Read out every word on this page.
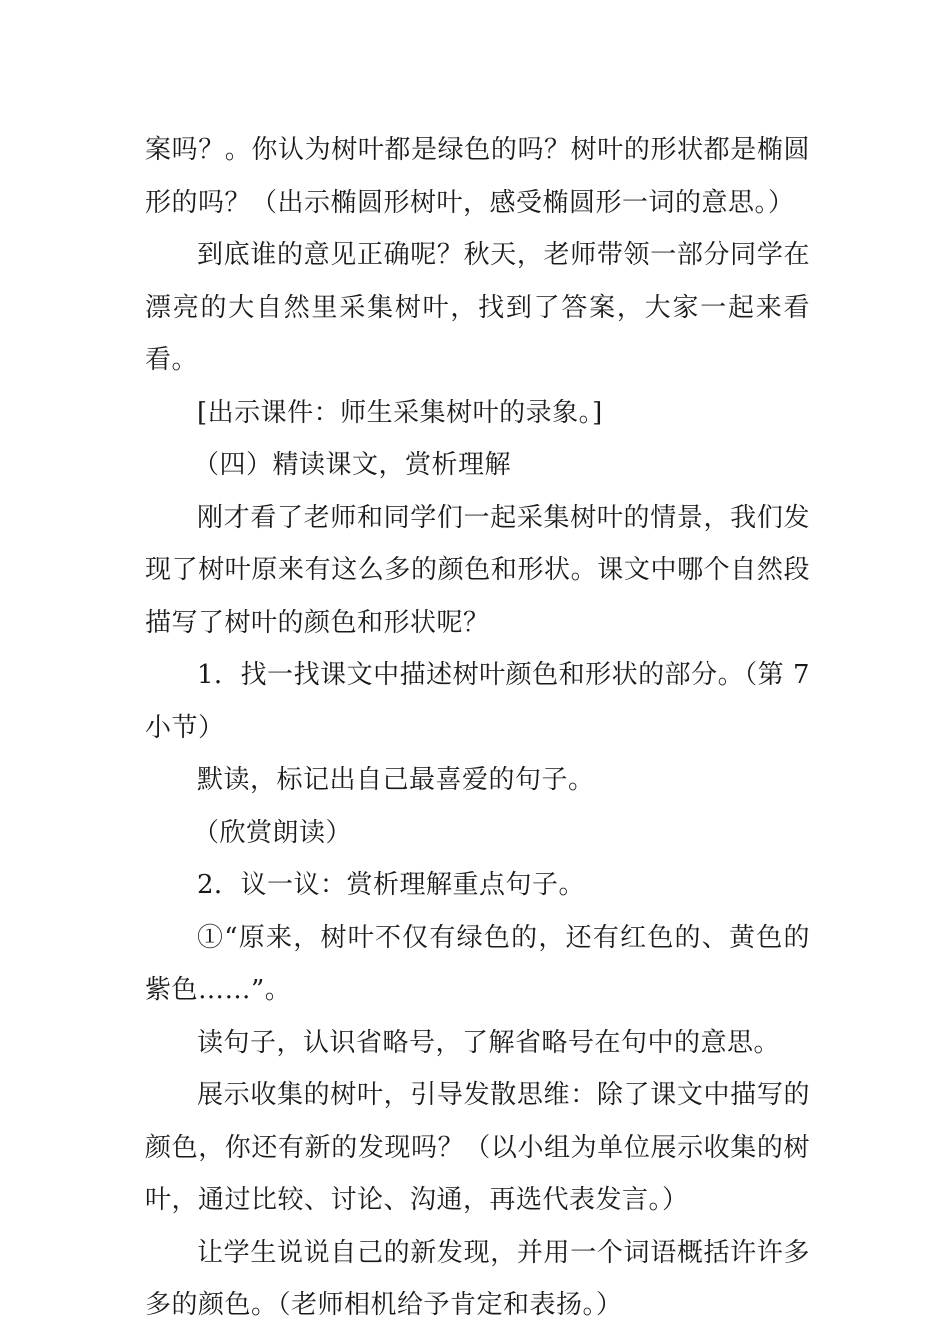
案吗？。你认为树叶都是绿色的吗？树叶的形状都是椭圆形的吗？（出示椭圆形树叶，感受椭圆形一词的意思。）

到底谁的意见正确呢？秋天，老师带领一部分同学在漂亮的大自然里采集树叶，找到了答案，大家一起来看看。

[出示课件：师生采集树叶的录象。]

（四）精读课文，赏析理解

刚才看了老师和同学们一起采集树叶的情景，我们发现了树叶原来有这么多的颜色和形状。课文中哪个自然段描写了树叶的颜色和形状呢？

1．找一找课文中描述树叶颜色和形状的部分。（第 7 小节）

默读，标记出自己最喜爱的句子。

（欣赏朗读）

2．议一议：赏析理解重点句子。

①“原来，树叶不仅有绿色的，还有红色的、黄色的紫色……”。

读句子，认识省略号，了解省略号在句中的意思。

展示收集的树叶，引导发散思维：除了课文中描写的颜色，你还有新的发现吗？（以小组为单位展示收集的树叶，通过比较、讨论、沟通，再选代表发言。）

让学生说说自己的新发现，并用一个词语概括许许多多的颜色。（老师相机给予肯定和表扬。）
